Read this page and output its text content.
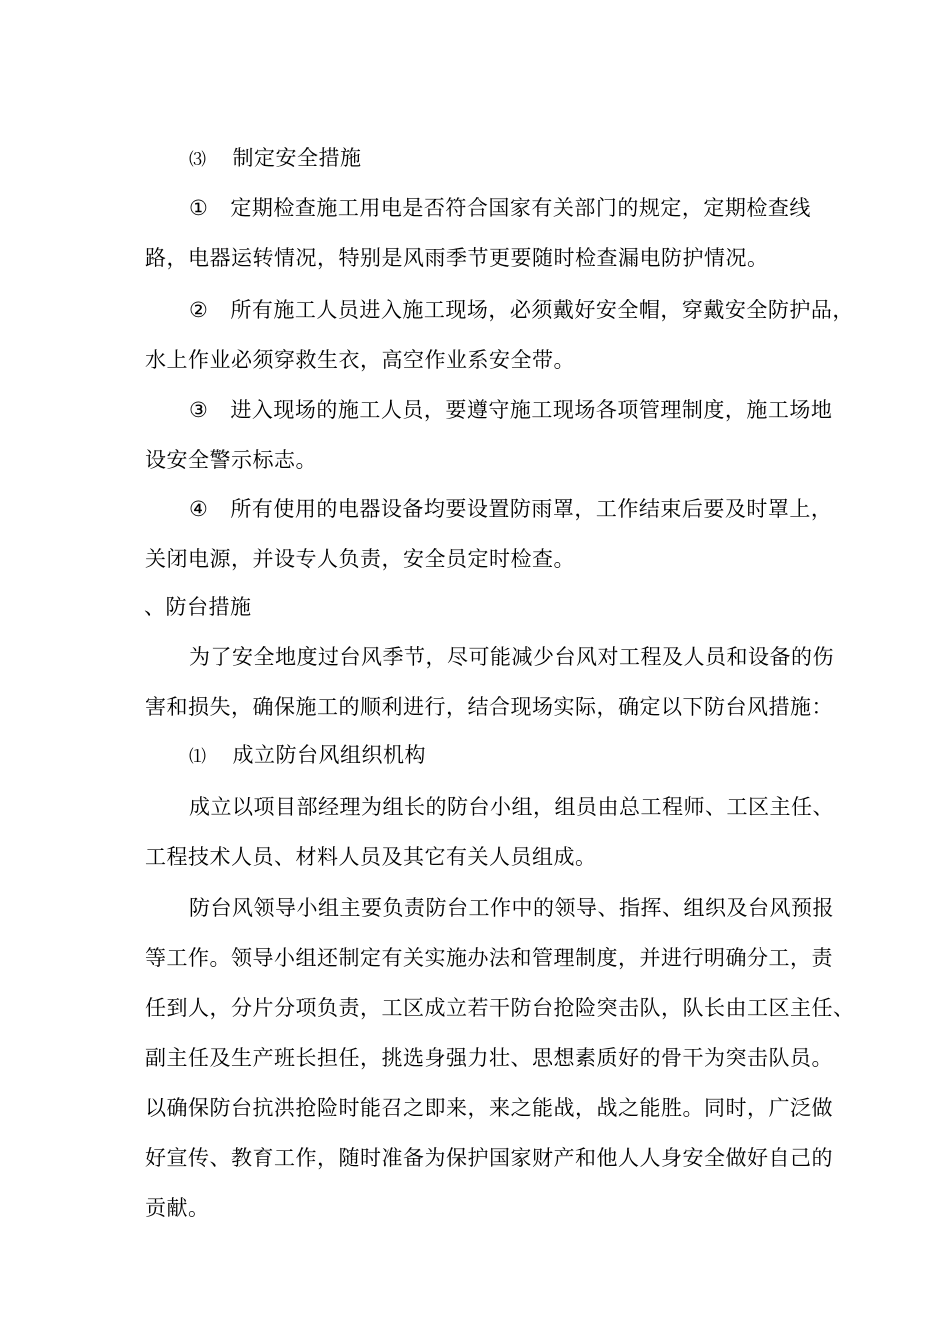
⑶ 制定安全措施
① 定期检查施工用电是否符合国家有关部门的规定，定期检查线
路，电器运转情况，特别是风雨季节更要随时检查漏电防护情况。
② 所有施工人员进入施工现场，必须戴好安全帽，穿戴安全防护品，
水上作业必须穿救生衣，高空作业系安全带。
③ 进入现场的施工人员，要遵守施工现场各项管理制度，施工场地
设安全警示标志。
④ 所有使用的电器设备均要设置防雨罩，工作结束后要及时罩上，
关闭电源，并设专人负责，安全员定时检查。
、防台措施
为了安全地度过台风季节，尽可能减少台风对工程及人员和设备的伤
害和损失，确保施工的顺利进行，结合现场实际，确定以下防台风措施：
⑴ 成立防台风组织机构
成立以项目部经理为组长的防台小组，组员由总工程师、工区主任、
工程技术人员、材料人员及其它有关人员组成。
防台风领导小组主要负责防台工作中的领导、指挥、组织及台风预报
等工作。领导小组还制定有关实施办法和管理制度，并进行明确分工，责
任到人，分片分项负责，工区成立若干防台抢险突击队，队长由工区主任、
副主任及生产班长担任，挑选身强力壮、思想素质好的骨干为突击队员。
以确保防台抗洪抢险时能召之即来，来之能战，战之能胜。同时，广泛做
好宣传、教育工作，随时准备为保护国家财产和他人人身安全做好自己的
贡献。
